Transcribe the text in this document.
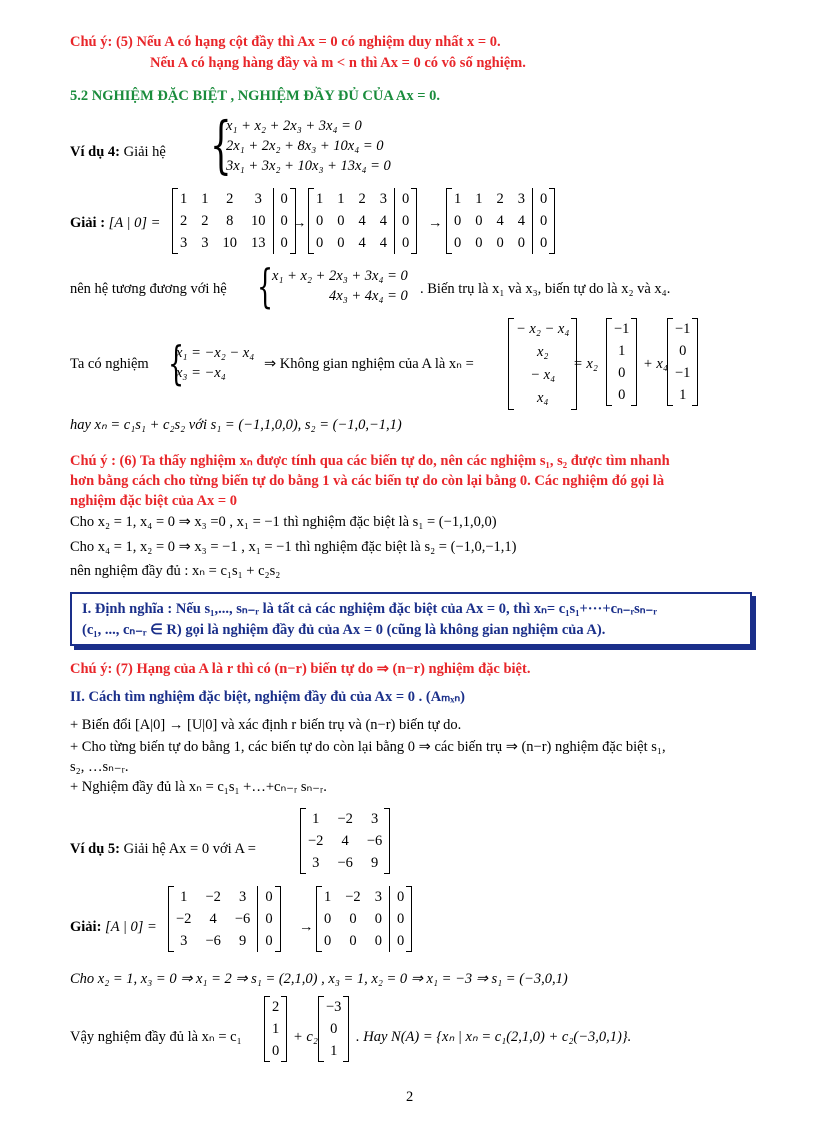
Chú ý: (5) Nếu A có hạng cột đầy thì Ax = 0 có nghiệm duy nhất x = 0.
Nếu A có hạng hàng đầy và m < n thì Ax = 0 có vô số nghiệm.
5.2 NGHIỆM ĐẶC BIỆT , NGHIỆM ĐẦY ĐỦ CỦA Ax = 0.
Ví dụ 4: Giải hệ {
x₁ + x₂ + 2x₃ + 3x₄ = 0
2x₁ + 2x₂ + 8x₃ + 10x₄ = 0
3x₁ + 3x₂ + 10x₃ + 13x₄ = 0
Giải : [A | 0] =
1	1	2	3	0
2	2	8	10	0
3	3	10	13	0
→
1	1	2	3	0
0	0	4	4	0
0	0	4	4	0
→
1	1	2	3	0
0	0	4	4	0
0	0	0	0	0
nên hệ tương đương với hệ {
x₁ + x₂ + 2x₃ + 3x₄ = 0
4x₃ + 4x₄ = 0 . Biến trụ là x₁ và x₃, biến tự do là x₂ và x₄.
Ta có nghiệm {
x₁ = −x₂ − x₄
x₃ = −x₄
⇒ Không gian nghiệm của A là xₙ =
− x₂ − x₄
x₂
− x₄
x₄
= x₂
−1
1
0
0
+ x₄
−1
0
−1
1
hay xₙ = c₁s₁ + c₂s₂ với s₁ = (−1,1,0,0), s₂ = (−1,0,−1,1)
Chú ý : (6) Ta thấy nghiệm xₙ được tính qua các biến tự do, nên các nghiệm s₁, s₂ được tìm nhanh
hơn bằng cách cho từng biến tự do bằng 1 và các biến tự do còn lại bằng 0. Các nghiệm đó gọi là
nghiệm đặc biệt của Ax = 0
Cho x₂ = 1, x₄ = 0 ⇒ x₃ =0 , x₁ = −1 thì nghiệm đặc biệt là s₁ = (−1,1,0,0)
Cho x₄ = 1, x₂ = 0 ⇒ x₃ = −1 , x₁ = −1 thì nghiệm đặc biệt là s₂ = (−1,0,−1,1)
nên nghiệm đầy đủ : xₙ = c₁s₁ + c₂s₂
I. Định nghĩa : Nếu s₁,..., sₙ₋ᵣ là tất cả các nghiệm đặc biệt của Ax = 0, thì xₙ= c₁s₁+···+cₙ₋ᵣsₙ₋ᵣ
(c₁, ..., cₙ₋ᵣ ∈ R) gọi là nghiệm đầy đủ của Ax = 0 (cũng là không gian nghiệm của A).
Chú ý: (7) Hạng của A là r thì có (n−r) biến tự do ⇒ (n−r) nghiệm đặc biệt.
II. Cách tìm nghiệm đặc biệt, nghiệm đầy đủ của Ax = 0 . (Aₘₓₙ)
+ Biến đổi [A|0] → [U|0] và xác định r biến trụ và (n−r) biến tự do.
+ Cho từng biến tự do bằng 1, các biến tự do còn lại bằng 0 ⇒ các biến trụ ⇒ (n−r) nghiệm đặc biệt s₁,
s₂, …sₙ₋ᵣ.
+ Nghiệm đầy đủ là xₙ = c₁s₁ +…+cₙ₋ᵣ sₙ₋ᵣ.
Ví dụ 5: Giải hệ Ax = 0 với A =
1	−2	3
−2	4	−6
3	−6	9
Giải: [A | 0] =
1	−2	3	0
−2	4	−6	0
3	−6	9	0
→
1	−2	3	0
0	0	0	0
0	0	0	0
Cho x₂ = 1, x₃ = 0 ⇒ x₁ = 2 ⇒ s₁ = (2,1,0) , x₃ = 1, x₂ = 0 ⇒ x₁ = −3 ⇒ s₁ = (−3,0,1)
Vậy nghiệm đầy đủ là xₙ = c₁
2
1
0
+ c₂
−3
0
1
. Hay N(A) = {xₙ | xₙ = c₁(2,1,0) + c₂(−3,0,1)}.
2
